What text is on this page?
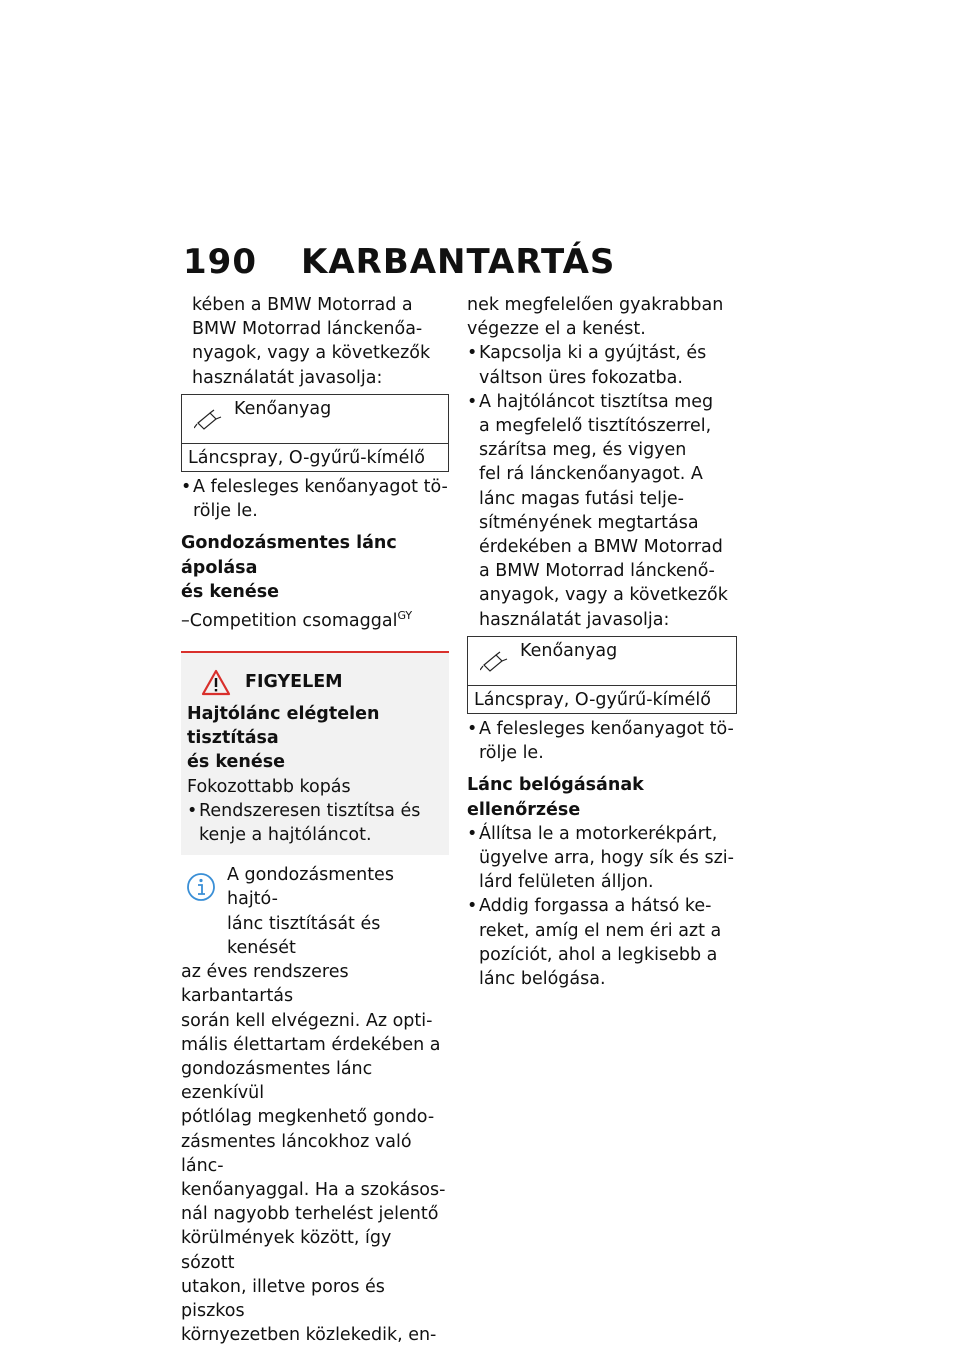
190 KARBANTARTÁS

kében a BMW Motorrad a

BMW Motorrad lánckenőa-

nyagok, vagy a következők

használatát javasolja:

Kenőanyag
Láncspray, O-gyűrű-kímélő
• A felesleges kenőanyagot tö-

rölje le.

Gondozásmentes lánc ápolása

és kenése

–Competition csomaggal$^{GY}$

FIGYELEM

Hajtólánc elégtelen tisztítása

és kenése

Fokozottabb kopás

• Rendszeresen tisztítsa és

kenje a hajtóláncot.

A gondozásmentes hajtó-

lánc tisztítását és kenését

az éves rendszeres karbantartás

során kell elvégezni. Az opti-

mális élettartam érdekében a

gondozásmentes lánc ezenkívül

pótlólag megkenhető gondo-

zásmentes láncokhoz való lánc-

kenőanyaggal. Ha a szokásos-

nál nagyobb terhelést jelentő

körülmények között, így sózott

utakon, illetve poros és piszkos

környezetben közlekedik, en-

nek megfelelően gyakrabban

végezze el a kenést.

• Kapcsolja ki a gyújtást, és

váltson üres fokozatba.

• A hajtóláncot tisztítsa meg

a megfelelő tisztítószerrel,

szárítsa meg, és vigyen

fel rá lánckenőanyagot. A

lánc magas futási telje-

sítményének megtartása

érdekében a BMW Motorrad

a BMW Motorrad lánckenő-

anyagok, vagy a következők

használatát javasolja:

Kenőanyag
Láncspray, O-gyűrű-kímélő
• A felesleges kenőanyagot tö-

rölje le.

Lánc belógásának ellenőrzése

• Állítsa le a motorkerékpárt,

ügyelve arra, hogy sík és szi-

lárd felületen álljon.

• Addig forgassa a hátsó ke-

reket, amíg el nem éri azt a

pozíciót, ahol a legkisebb a

lánc belógása.
